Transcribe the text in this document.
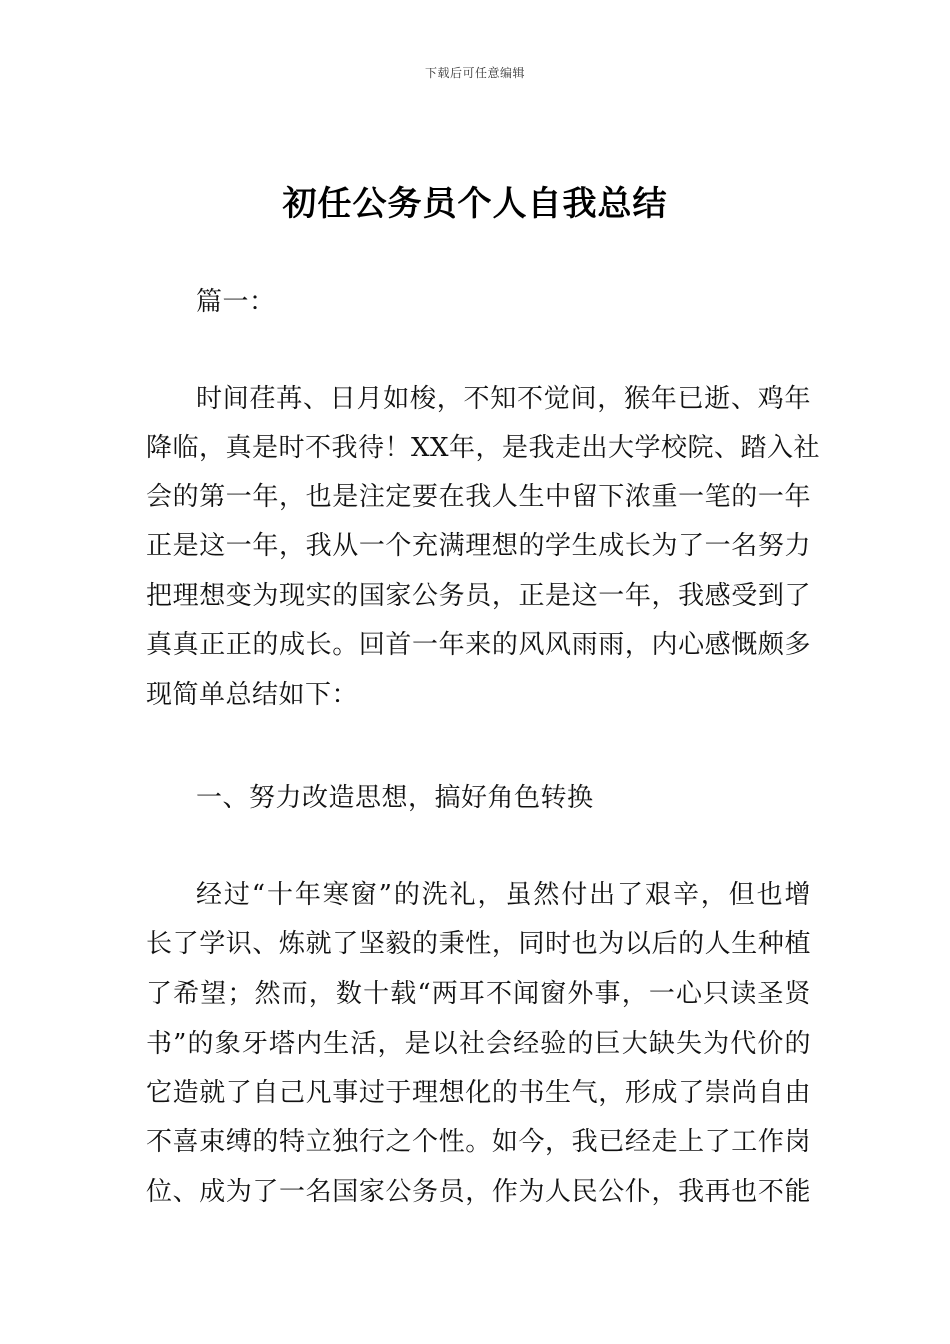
下载后可任意编辑
初任公务员个人自我总结
篇一：
时间荏苒、日月如梭，不知不觉间，猴年已逝、鸡年
降临，真是时不我待！XX年，是我走出大学校院、踏入社
会的第一年，也是注定要在我人生中留下浓重一笔的一年
正是这一年，我从一个充满理想的学生成长为了一名努力
把理想变为现实的国家公务员，正是这一年，我感受到了
真真正正的成长。回首一年来的风风雨雨，内心感慨颇多
现简单总结如下：
一、努力改造思想，搞好角色转换
经过“十年寒窗”的洗礼，虽然付出了艰辛，但也增
长了学识、炼就了坚毅的秉性，同时也为以后的人生种植
了希望；然而，数十载“两耳不闻窗外事，一心只读圣贤
书”的象牙塔内生活，是以社会经验的巨大缺失为代价的
它造就了自己凡事过于理想化的书生气，形成了崇尚自由
不喜束缚的特立独行之个性。如今，我已经走上了工作岗
位、成为了一名国家公务员，作为人民公仆，我再也不能
